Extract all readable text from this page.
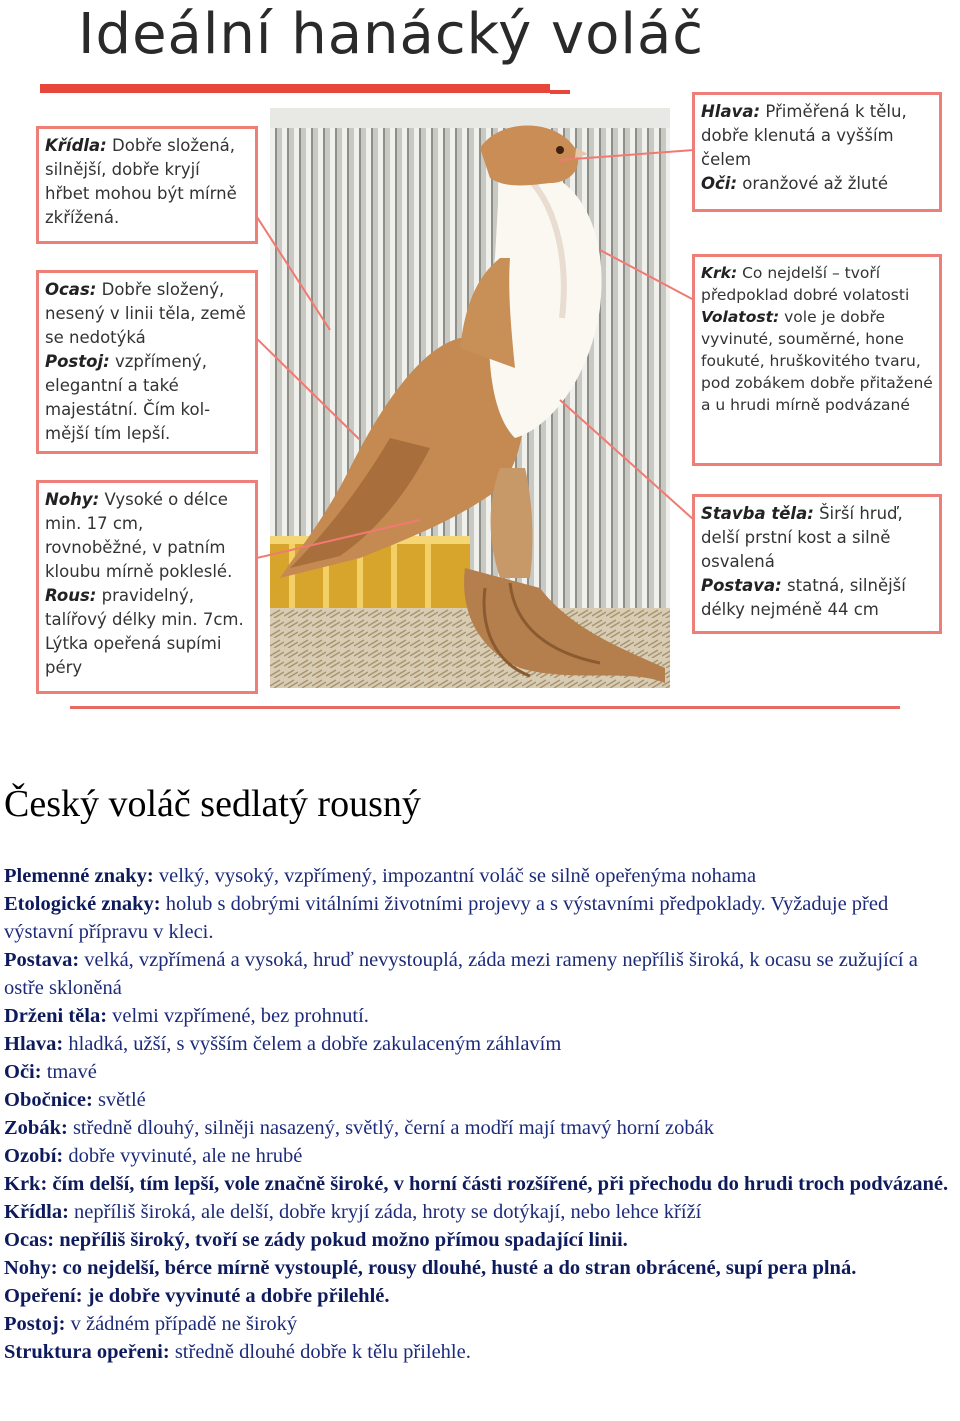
Ideální hanácký voláč

Křídla: Dobře složená, silnější, dobře kryjí hřbet mohou být mírně zkřížená.

Ocas: Dobře složený, nesený v linii těla, země se nedotýká

Postoj: vzpřímený, elegantní a také majestátní. Čím kol-mější tím lepší.

Nohy: Vysoké o délce min. 17 cm, rovnoběžné, v patním kloubu mírně pokleslé.

Rous: pravidelný, talířový délky min. 7cm. Lýtka opeřená supími péry

Hlava: Přiměřená k tělu, dobře klenutá a vyšším čelem

Oči: oranžové až žluté

Krk: Co nejdelší – tvoří předpoklad dobré volatosti

Volatost: vole je dobře vyvinuté, souměrné, hone foukuté, hruškovitého tvaru, pod zobákem dobře přitažené a u hrudi mírně podvázané

Stavba těla: Širší hruď, delší prstní kost a silně osvalená

Postava: statná, silnější délky nejméně 44 cm

Český voláč sedlatý rousný

Plemenné znaky: velký, vysoký, vzpřímený, impozantní voláč se silně opeřenýma nohama

Etologické znaky: holub s dobrými vitálními životními projevy a s výstavními předpoklady. Vyžaduje před výstavní přípravu v kleci.

Postava: velká, vzpřímená a vysoká, hruď nevystouplá, záda mezi rameny nepříliš široká, k ocasu se zužující a ostře skloněná

Drženi těla: velmi vzpřímené, bez prohnutí.

Hlava: hladká, užší, s vyšším čelem a dobře zakulaceným záhlavím

Oči: tmavé

Obočnice: světlé

Zobák: středně dlouhý, silněji nasazený, světlý, černí a modří mají tmavý horní zobák

Ozobí: dobře vyvinuté, ale ne hrubé

Krk: čím delší, tím lepší, vole značně široké, v horní části rozšířené, při přechodu do hrudi troch podvázané.

Křídla: nepříliš široká, ale delší, dobře kryjí záda, hroty se dotýkají, nebo lehce kříží

Ocas: nepříliš široký, tvoří se zády pokud možno přímou spadající linii.

Nohy: co nejdelší, bérce mírně vystouplé, rousy dlouhé, husté a do stran obrácené, supí pera plná.

Opeření: je dobře vyvinuté a dobře přilehlé.

Postoj: v žádném případě ne široký

Struktura opeřeni: středně dlouhé dobře k tělu přilehle.
